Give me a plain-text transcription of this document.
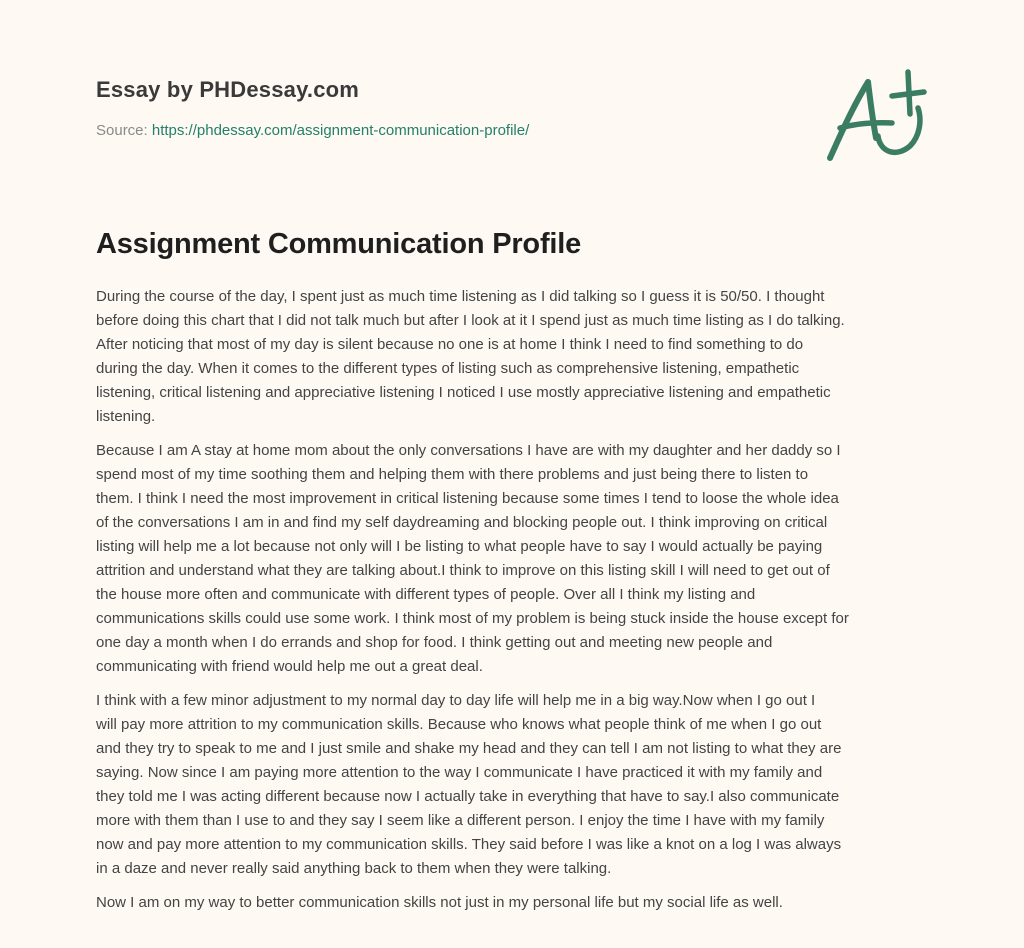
Essay by PHDessay.com
Source: https://phdessay.com/assignment-communication-profile/
Assignment Communication Profile

During the course of the day, I spent just as much time listening as I did talking so I guess it is 50/50. I thought
before doing this chart that I did not talk much but after I look at it I spend just as much time listing as I do talking.
After noticing that most of my day is silent because no one is at home I think I need to find something to do
during the day. When it comes to the different types of listing such as comprehensive listening, empathetic
listening, critical listening and appreciative listening I noticed I use mostly appreciative listening and empathetic
listening.

Because I am A stay at home mom about the only conversations I have are with my daughter and her daddy so I
spend most of my time soothing them and helping them with there problems and just being there to listen to
them. I think I need the most improvement in critical listening because some times I tend to loose the whole idea
of the conversations I am in and find my self daydreaming and blocking people out. I think improving on critical
listing will help me a lot because not only will I be listing to what people have to say I would actually be paying
attrition and understand what they are talking about.I think to improve on this listing skill I will need to get out of
the house more often and communicate with different types of people. Over all I think my listing and
communications skills could use some work. I think most of my problem is being stuck inside the house except for
one day a month when I do errands and shop for food. I think getting out and meeting new people and
communicating with friend would help me out a great deal.

I think with a few minor adjustment to my normal day to day life will help me in a big way.Now when I go out I
will pay more attrition to my communication skills. Because who knows what people think of me when I go out
and they try to speak to me and I just smile and shake my head and they can tell I am not listing to what they are
saying. Now since I am paying more attention to the way I communicate I have practiced it with my family and
they told me I was acting different because now I actually take in everything that have to say.I also communicate
more with them than I use to and they say I seem like a different person. I enjoy the time I have with my family
now and pay more attention to my communication skills. They said before I was like a knot on a log I was always
in a daze and never really said anything back to them when they were talking.

Now I am on my way to better communication skills not just in my personal life but my social life as well.
